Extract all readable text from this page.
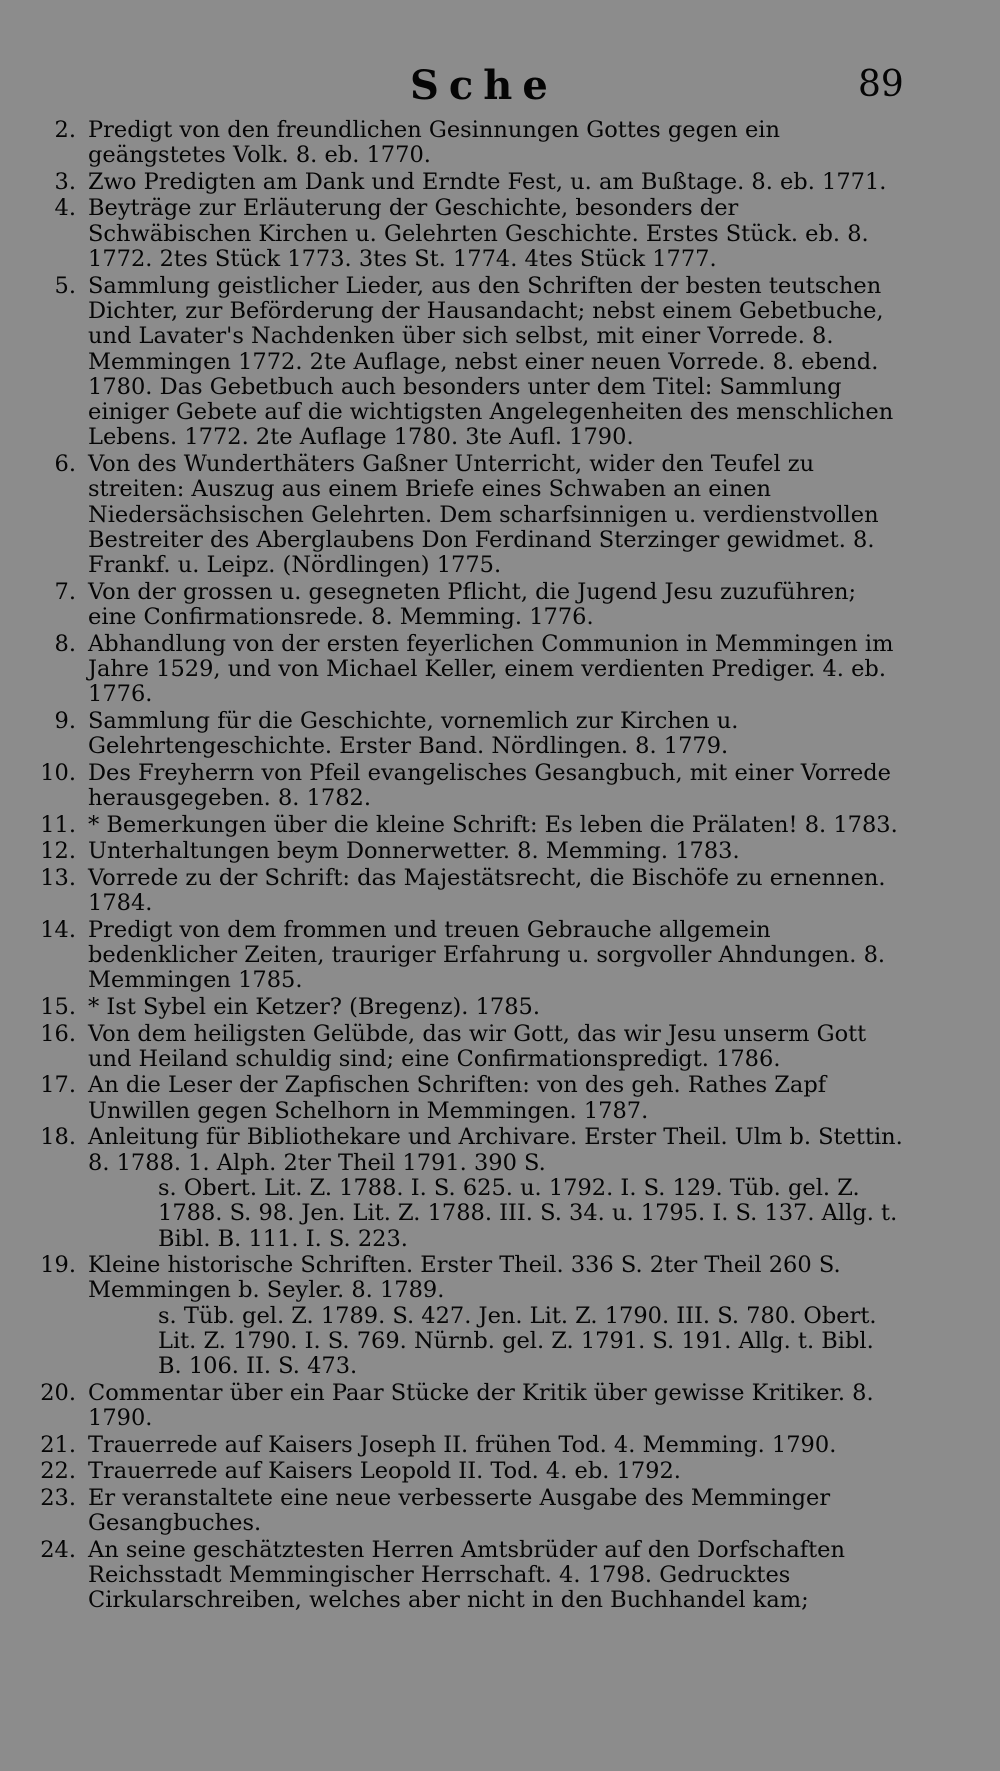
Sche	89
2. Predigt von den freundlichen Gesinnungen Gottes gegen ein geängstetes Volk. 8. eb. 1770.
3. Zwo Predigten am Dank und Erndte Fest, u. am Bußtage. 8. eb. 1771.
4. Beyträge zur Erläuterung der Geschichte, besonders der Schwäbischen Kirchen u. Gelehrten Geschichte. Erstes Stück. eb. 8. 1772. 2tes Stück 1773. 3tes St. 1774. 4tes Stück 1777.
5. Sammlung geistlicher Lieder, aus den Schriften der besten teutschen Dichter, zur Beförderung der Hausandacht; nebst einem Gebetbuche, und Lavater's Nachdenken über sich selbst, mit einer Vorrede. 8. Memmingen 1772. 2te Auflage, nebst einer neuen Vorrede. 8. ebend. 1780. Das Gebetbuch auch besonders unter dem Titel: Sammlung einiger Gebete auf die wichtigsten Angelegenheiten des menschlichen Lebens. 1772. 2te Auflage 1780. 3te Aufl. 1790.
6. Von des Wunderthäters Gaßner Unterricht, wider den Teufel zu streiten: Auszug aus einem Briefe eines Schwaben an einen Niedersächsischen Gelehrten. Dem scharfsinnigen u. verdienstvollen Bestreiter des Aberglaubens Don Ferdinand Sterzinger gewidmet. 8. Frankf. u. Leipz. (Nördlingen) 1775.
7. Von der grossen u. gesegneten Pflicht, die Jugend Jesu zuzuführen; eine Confirmationsrede. 8. Memming. 1776.
8. Abhandlung von der ersten feyerlichen Communion in Memmingen im Jahre 1529, und von Michael Keller, einem verdienten Prediger. 4. eb. 1776.
9. Sammlung für die Geschichte, vornemlich zur Kirchen u. Gelehrtengeschichte. Erster Band. Nördlingen. 8. 1779.
10. Des Freyherrn von Pfeil evangelisches Gesangbuch, mit einer Vorrede herausgegeben. 8. 1782.
11. * Bemerkungen über die kleine Schrift: Es leben die Prälaten! 8. 1783.
12. Unterhaltungen beym Donnerwetter. 8. Memming. 1783.
13. Vorrede zu der Schrift: das Majestätsrecht, die Bischöfe zu ernennen. 1784.
14. Predigt von dem frommen und treuen Gebrauche allgemein bedenklicher Zeiten, trauriger Erfahrung u. sorgvoller Ahndungen. 8. Memmingen 1785.
15. * Ist Sybel ein Ketzer? (Bregenz). 1785.
16. Von dem heiligsten Gelübde, das wir Gott, das wir Jesu unserm Gott und Heiland schuldig sind; eine Confirmationspredigt. 1786.
17. An die Leser der Zapfischen Schriften: von des geh. Rathes Zapf Unwillen gegen Schelhorn in Memmingen. 1787.
18. Anleitung für Bibliothekare und Archivare. Erster Theil. Ulm b. Stettin. 8. 1788. 1. Alph. 2ter Theil 1791. 390 S.
s. Obert. Lit. Z. 1788. I. S. 625. u. 1792. I. S. 129. Tüb. gel. Z. 1788. S. 98. Jen. Lit. Z. 1788. III. S. 34. u. 1795. I. S. 137. Allg. t. Bibl. B. 111. I. S. 223.
19. Kleine historische Schriften. Erster Theil. 336 S. 2ter Theil 260 S. Memmingen b. Seyler. 8. 1789.
s. Tüb. gel. Z. 1789. S. 427. Jen. Lit. Z. 1790. III. S. 780. Obert. Lit. Z. 1790. I. S. 769. Nürnb. gel. Z. 1791. S. 191. Allg. t. Bibl. B. 106. II. S. 473.
20. Commentar über ein Paar Stücke der Kritik über gewisse Kritiker. 8. 1790.
21. Trauerrede auf Kaisers Joseph II. frühen Tod. 4. Memming. 1790.
22. Trauerrede auf Kaisers Leopold II. Tod. 4. eb. 1792.
23. Er veranstaltete eine neue verbesserte Ausgabe des Memminger Gesangbuches.
24. An seine geschätztesten Herren Amtsbrüder auf den Dorfschaften Reichsstadt Memmingischer Herrschaft. 4. 1798. Gedrucktes Cirkularschreiben, welches aber nicht in den Buchhandel kam;
